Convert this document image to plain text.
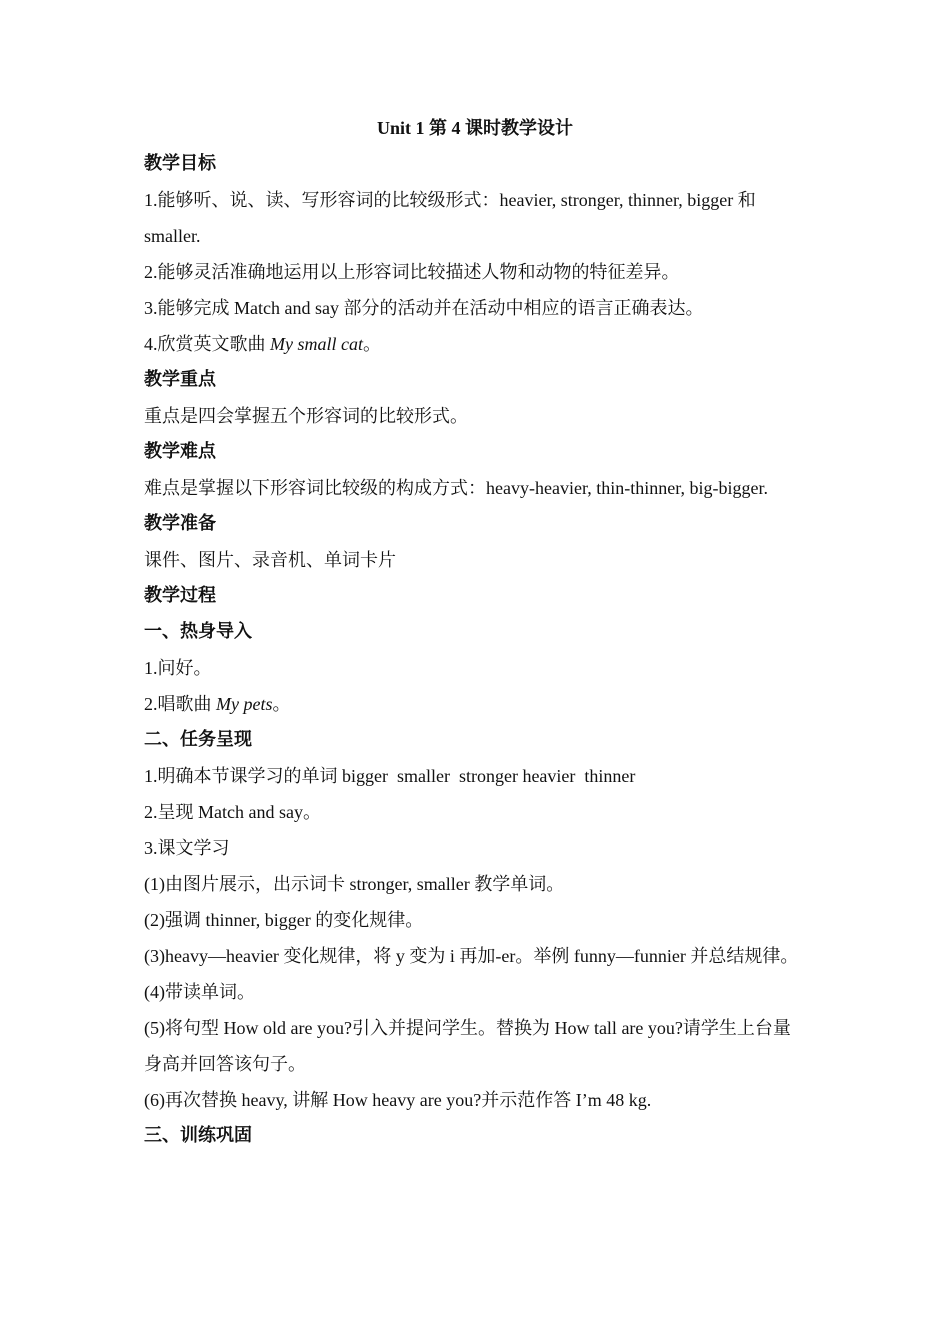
Unit 1 第 4 课时教学设计

教学目标

1.能够听、说、读、写形容词的比较级形式：heavier, stronger, thinner, bigger 和 smaller.

2.能够灵活准确地运用以上形容词比较描述人物和动物的特征差异。

3.能够完成 Match and say 部分的活动并在活动中相应的语言正确表达。

4.欣赏英文歌曲 My small cat。

教学重点

重点是四会掌握五个形容词的比较形式。

教学难点

难点是掌握以下形容词比较级的构成方式：heavy-heavier, thin-thinner, big-bigger.

教学准备

课件、图片、录音机、单词卡片

教学过程

一、热身导入

1.问好。

2.唱歌曲 My pets。

二、任务呈现

1.明确本节课学习的单词 bigger  smaller  stronger heavier  thinner

2.呈现 Match and say。

3.课文学习

(1)由图片展示，出示词卡 stronger, smaller 教学单词。

(2)强调 thinner, bigger 的变化规律。

(3)heavy—heavier 变化规律，将 y 变为 i 再加-er。举例 funny—funnier 并总结规律。

(4)带读单词。

(5)将句型 How old are you?引入并提问学生。替换为 How tall are you?请学生上台量身高并回答该句子。

(6)再次替换 heavy, 讲解 How heavy are you?并示范作答 I’m 48 kg.

三、训练巩固
